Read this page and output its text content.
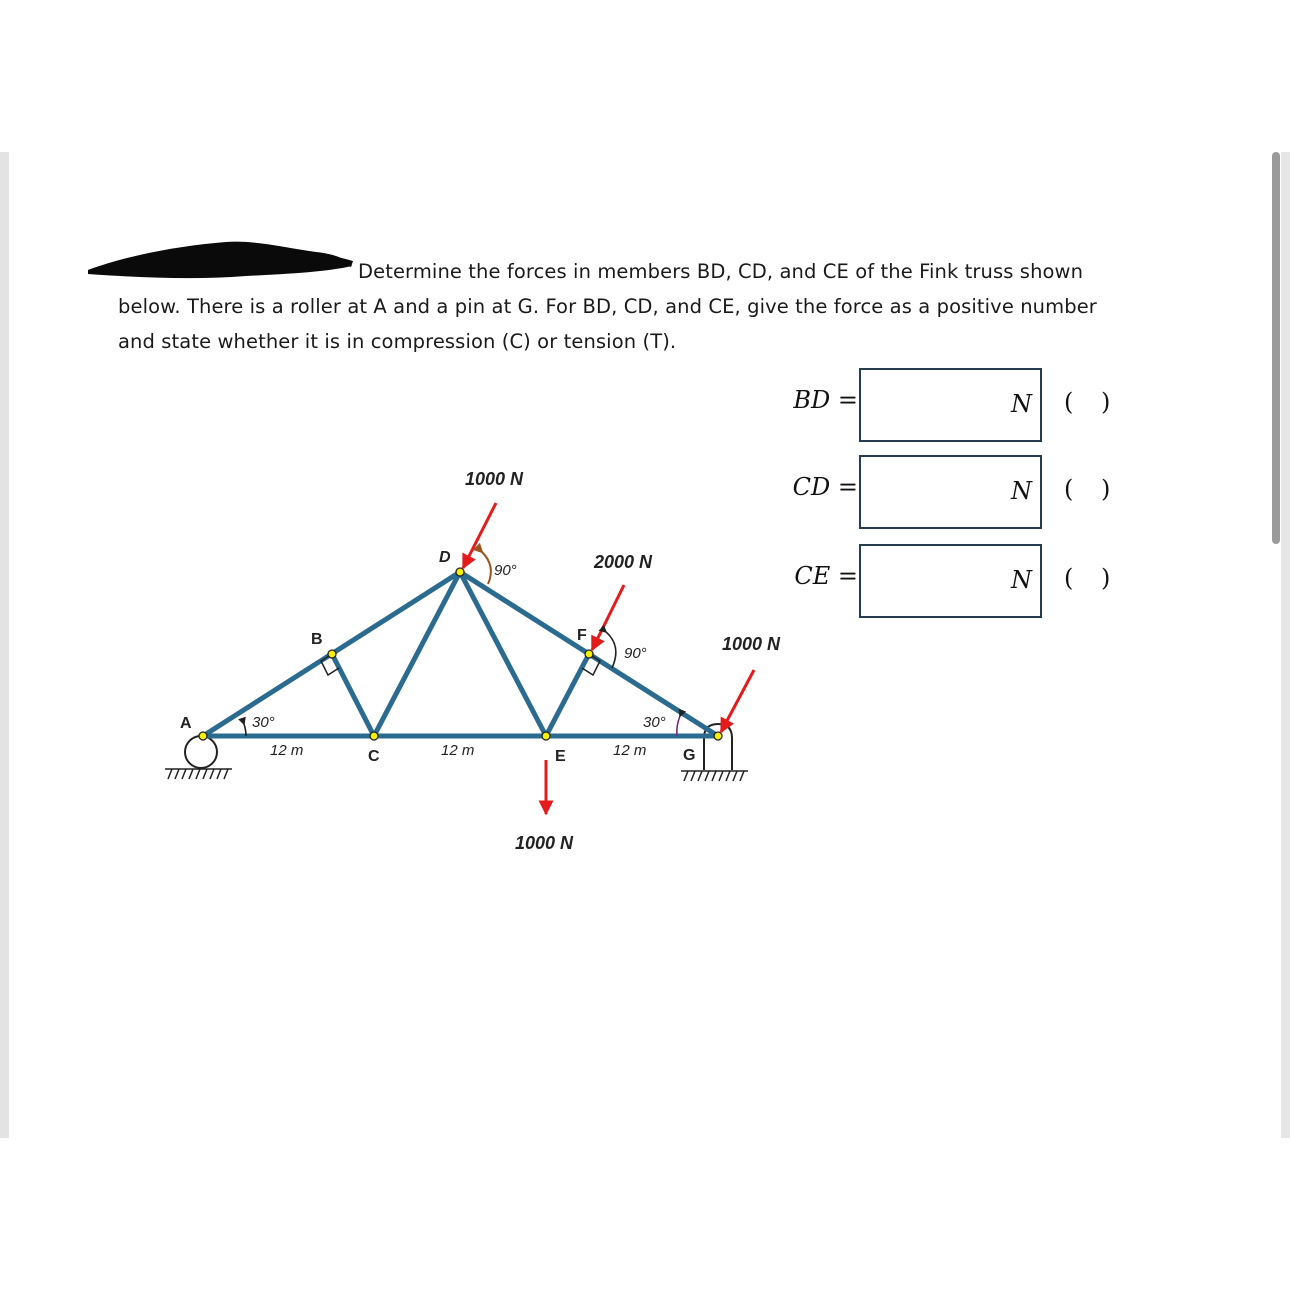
Determine the forces in members BD, CD, and CE of the Fink truss shown
below. There is a roller at A and a pin at G. For BD, CD, and CE, give the force as a positive number
and state whether it is in compression (C) or tension (T).
BD =	N ( )
CD =	N ( )
CE =	N ( )
A
B
C
D
E
F
G
12 m	12 m	12 m
30°	30°
90°
90°
1000 N
2000 N
1000 N
1000 N
